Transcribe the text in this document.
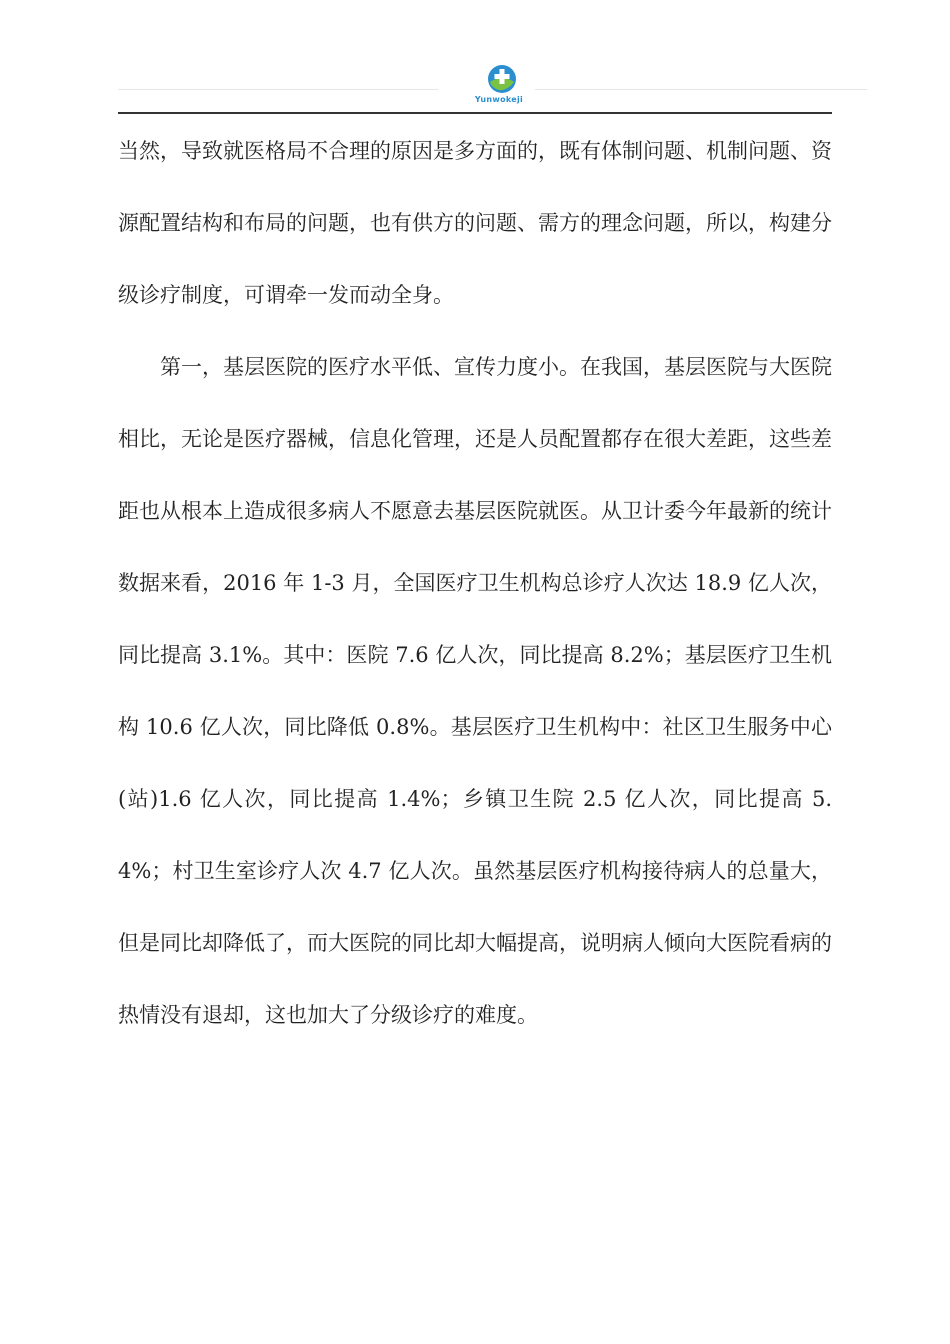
Yunwokeji

当然，导致就医格局不合理的原因是多方面的，既有体制问题、机制问题、资源配置结构和布局的问题，也有供方的问题、需方的理念问题，所以，构建分级诊疗制度，可谓牵一发而动全身。

第一，基层医院的医疗水平低、宣传力度小。在我国，基层医院与大医院相比，无论是医疗器械，信息化管理，还是人员配置都存在很大差距，这些差距也从根本上造成很多病人不愿意去基层医院就医。从卫计委今年最新的统计数据来看，2016 年 1-3 月，全国医疗卫生机构总诊疗人次达 18.9 亿人次，同比提高 3.1%。其中：医院 7.6 亿人次，同比提高 8.2%；基层医疗卫生机构 10.6 亿人次，同比降低 0.8%。基层医疗卫生机构中：社区卫生服务中心(站)1.6 亿人次，同比提高 1.4%；乡镇卫生院 2.5 亿人次，同比提高 5.4%；村卫生室诊疗人次 4.7 亿人次。虽然基层医疗机构接待病人的总量大，但是同比却降低了，而大医院的同比却大幅提高，说明病人倾向大医院看病的热情没有退却，这也加大了分级诊疗的难度。
